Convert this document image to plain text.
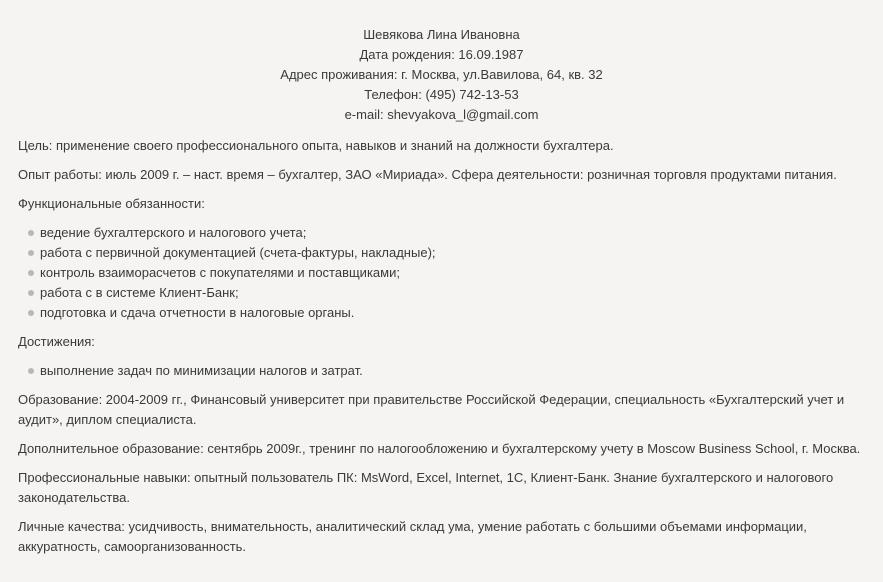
Шевякова Лина Ивановна
Дата рождения: 16.09.1987
Адрес проживания: г. Москва, ул.Вавилова, 64, кв. 32
Телефон: (495) 742-13-53
e-mail: shevyakova_l@gmail.com

Цель: применение своего профессионального опыта, навыков и знаний на должности бухгалтера.

Опыт работы: июль 2009 г. – наст. время – бухгалтер, ЗАО «Мириада». Сфера деятельности: розничная торговля продуктами питания.

Функциональные обязанности:

ведение бухгалтерского и налогового учета;
работа с первичной документацией (счета-фактуры, накладные);
контроль взаиморасчетов с покупателями и поставщиками;
работа с в системе Клиент-Банк;
подготовка и сдача отчетности в налоговые органы.

Достижения:

выполнение задач по минимизации налогов и затрат.

Образование: 2004-2009 гг., Финансовый университет при правительстве Российской Федерации, специальность «Бухгалтерский учет и
аудит», диплом специалиста.

Дополнительное образование: сентябрь 2009г., тренинг по налогообложению и бухгалтерскому учету в Moscow Business School, г. Москва.

Профессиональные навыки: опытный пользователь ПК: MsWord, Excel, Internet, 1С, Клиент-Банк. Знание бухгалтерского и налогового
законодательства.

Личные качества: усидчивость, внимательность, аналитический склад ума, умение работать с большими объемами информации,
аккуратность, самоорганизованность.
